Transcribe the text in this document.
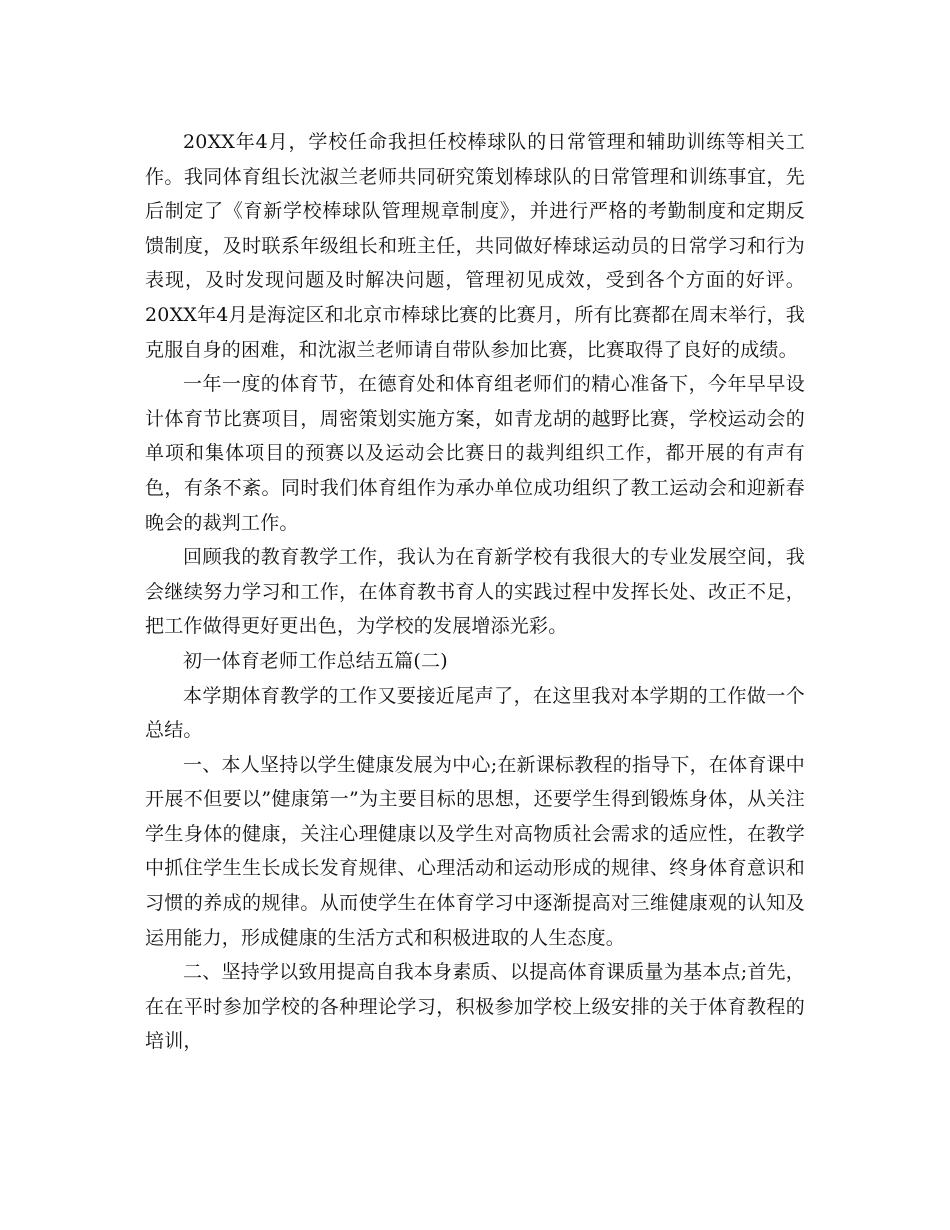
20XX年4月，学校任命我担任校棒球队的日常管理和辅助训练等相关工作。我同体育组长沈淑兰老师共同研究策划棒球队的日常管理和训练事宜，先后制定了《育新学校棒球队管理规章制度》，并进行严格的考勤制度和定期反馈制度，及时联系年级组长和班主任，共同做好棒球运动员的日常学习和行为表现，及时发现问题及时解决问题，管理初见成效，受到各个方面的好评。20XX年4月是海淀区和北京市棒球比赛的比赛月，所有比赛都在周末举行，我克服自身的困难，和沈淑兰老师请自带队参加比赛，比赛取得了良好的成绩。

一年一度的体育节，在德育处和体育组老师们的精心准备下，今年早早设计体育节比赛项目，周密策划实施方案，如青龙胡的越野比赛，学校运动会的单项和集体项目的预赛以及运动会比赛日的裁判组织工作，都开展的有声有色，有条不紊。同时我们体育组作为承办单位成功组织了教工运动会和迎新春晚会的裁判工作。

回顾我的教育教学工作，我认为在育新学校有我很大的专业发展空间，我会继续努力学习和工作，在体育教书育人的实践过程中发挥长处、改正不足，把工作做得更好更出色，为学校的发展增添光彩。

初一体育老师工作总结五篇(二)

本学期体育教学的工作又要接近尾声了，在这里我对本学期的工作做一个总结。

一、本人坚持以学生健康发展为中心;在新课标教程的指导下，在体育课中开展不但要以”健康第一”为主要目标的思想，还要学生得到锻炼身体，从关注学生身体的健康，关注心理健康以及学生对高物质社会需求的适应性，在教学中抓住学生生长成长发育规律、心理活动和运动形成的规律、终身体育意识和习惯的养成的规律。从而使学生在体育学习中逐渐提高对三维健康观的认知及运用能力，形成健康的生活方式和积极进取的人生态度。

二、坚持学以致用提高自我本身素质、以提高体育课质量为基本点;首先，在在平时参加学校的各种理论学习，积极参加学校上级安排的关于体育教程的培训，
